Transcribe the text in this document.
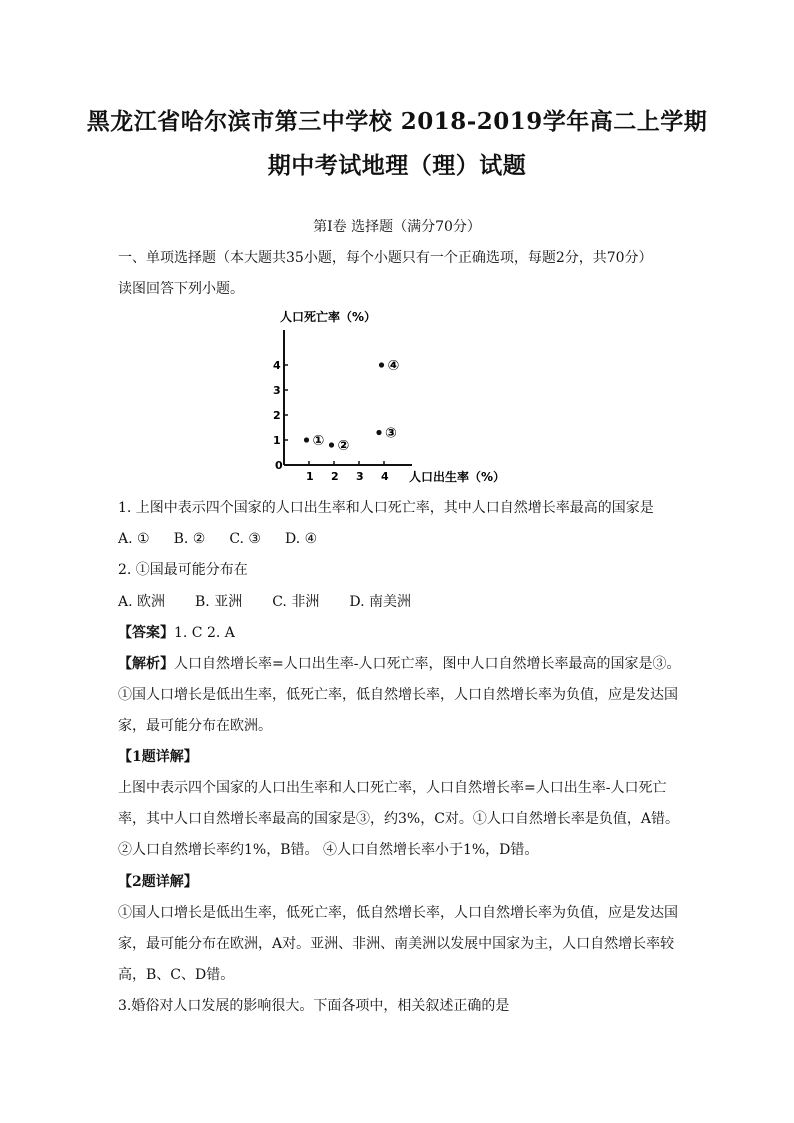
黑龙江省哈尔滨市第三中学校 2018-2019学年高二上学期
期中考试地理（理）试题
第Ⅰ卷 选择题（满分70分）
一、单项选择题（本大题共35小题，每个小题只有一个正确选项，每题2分，共70分）
读图回答下列小题。
人口死亡率（%）
0
1 2 3 4
1
2
3
4
① ②
③
④
人口出生率（%）
1. 上图中表示四个国家的人口出生率和人口死亡率，其中人口自然增长率最高的国家是
A. ① B. ② C. ③ D. ④
2. ①国最可能分布在
A. 欧洲 B. 亚洲 C. 非洲 D. 南美洲
【答案】1. C 2. A
【解析】人口自然增长率=人口出生率-人口死亡率，图中人口自然增长率最高的国家是③。
①国人口增长是低出生率，低死亡率，低自然增长率，人口自然增长率为负值，应是发达国
家，最可能分布在欧洲。
【1题详解】
上图中表示四个国家的人口出生率和人口死亡率，人口自然增长率=人口出生率-人口死亡
率，其中人口自然增长率最高的国家是③，约3%，C对。①人口自然增长率是负值，A错。
②人口自然增长率约1%，B错。 ④人口自然增长率小于1%，D错。
【2题详解】
①国人口增长是低出生率，低死亡率，低自然增长率，人口自然增长率为负值，应是发达国
家，最可能分布在欧洲，A对。亚洲、非洲、南美洲以发展中国家为主，人口自然增长率较
高，B、C、D错。
3.婚俗对人口发展的影响很大。下面各项中，相关叙述正确的是
